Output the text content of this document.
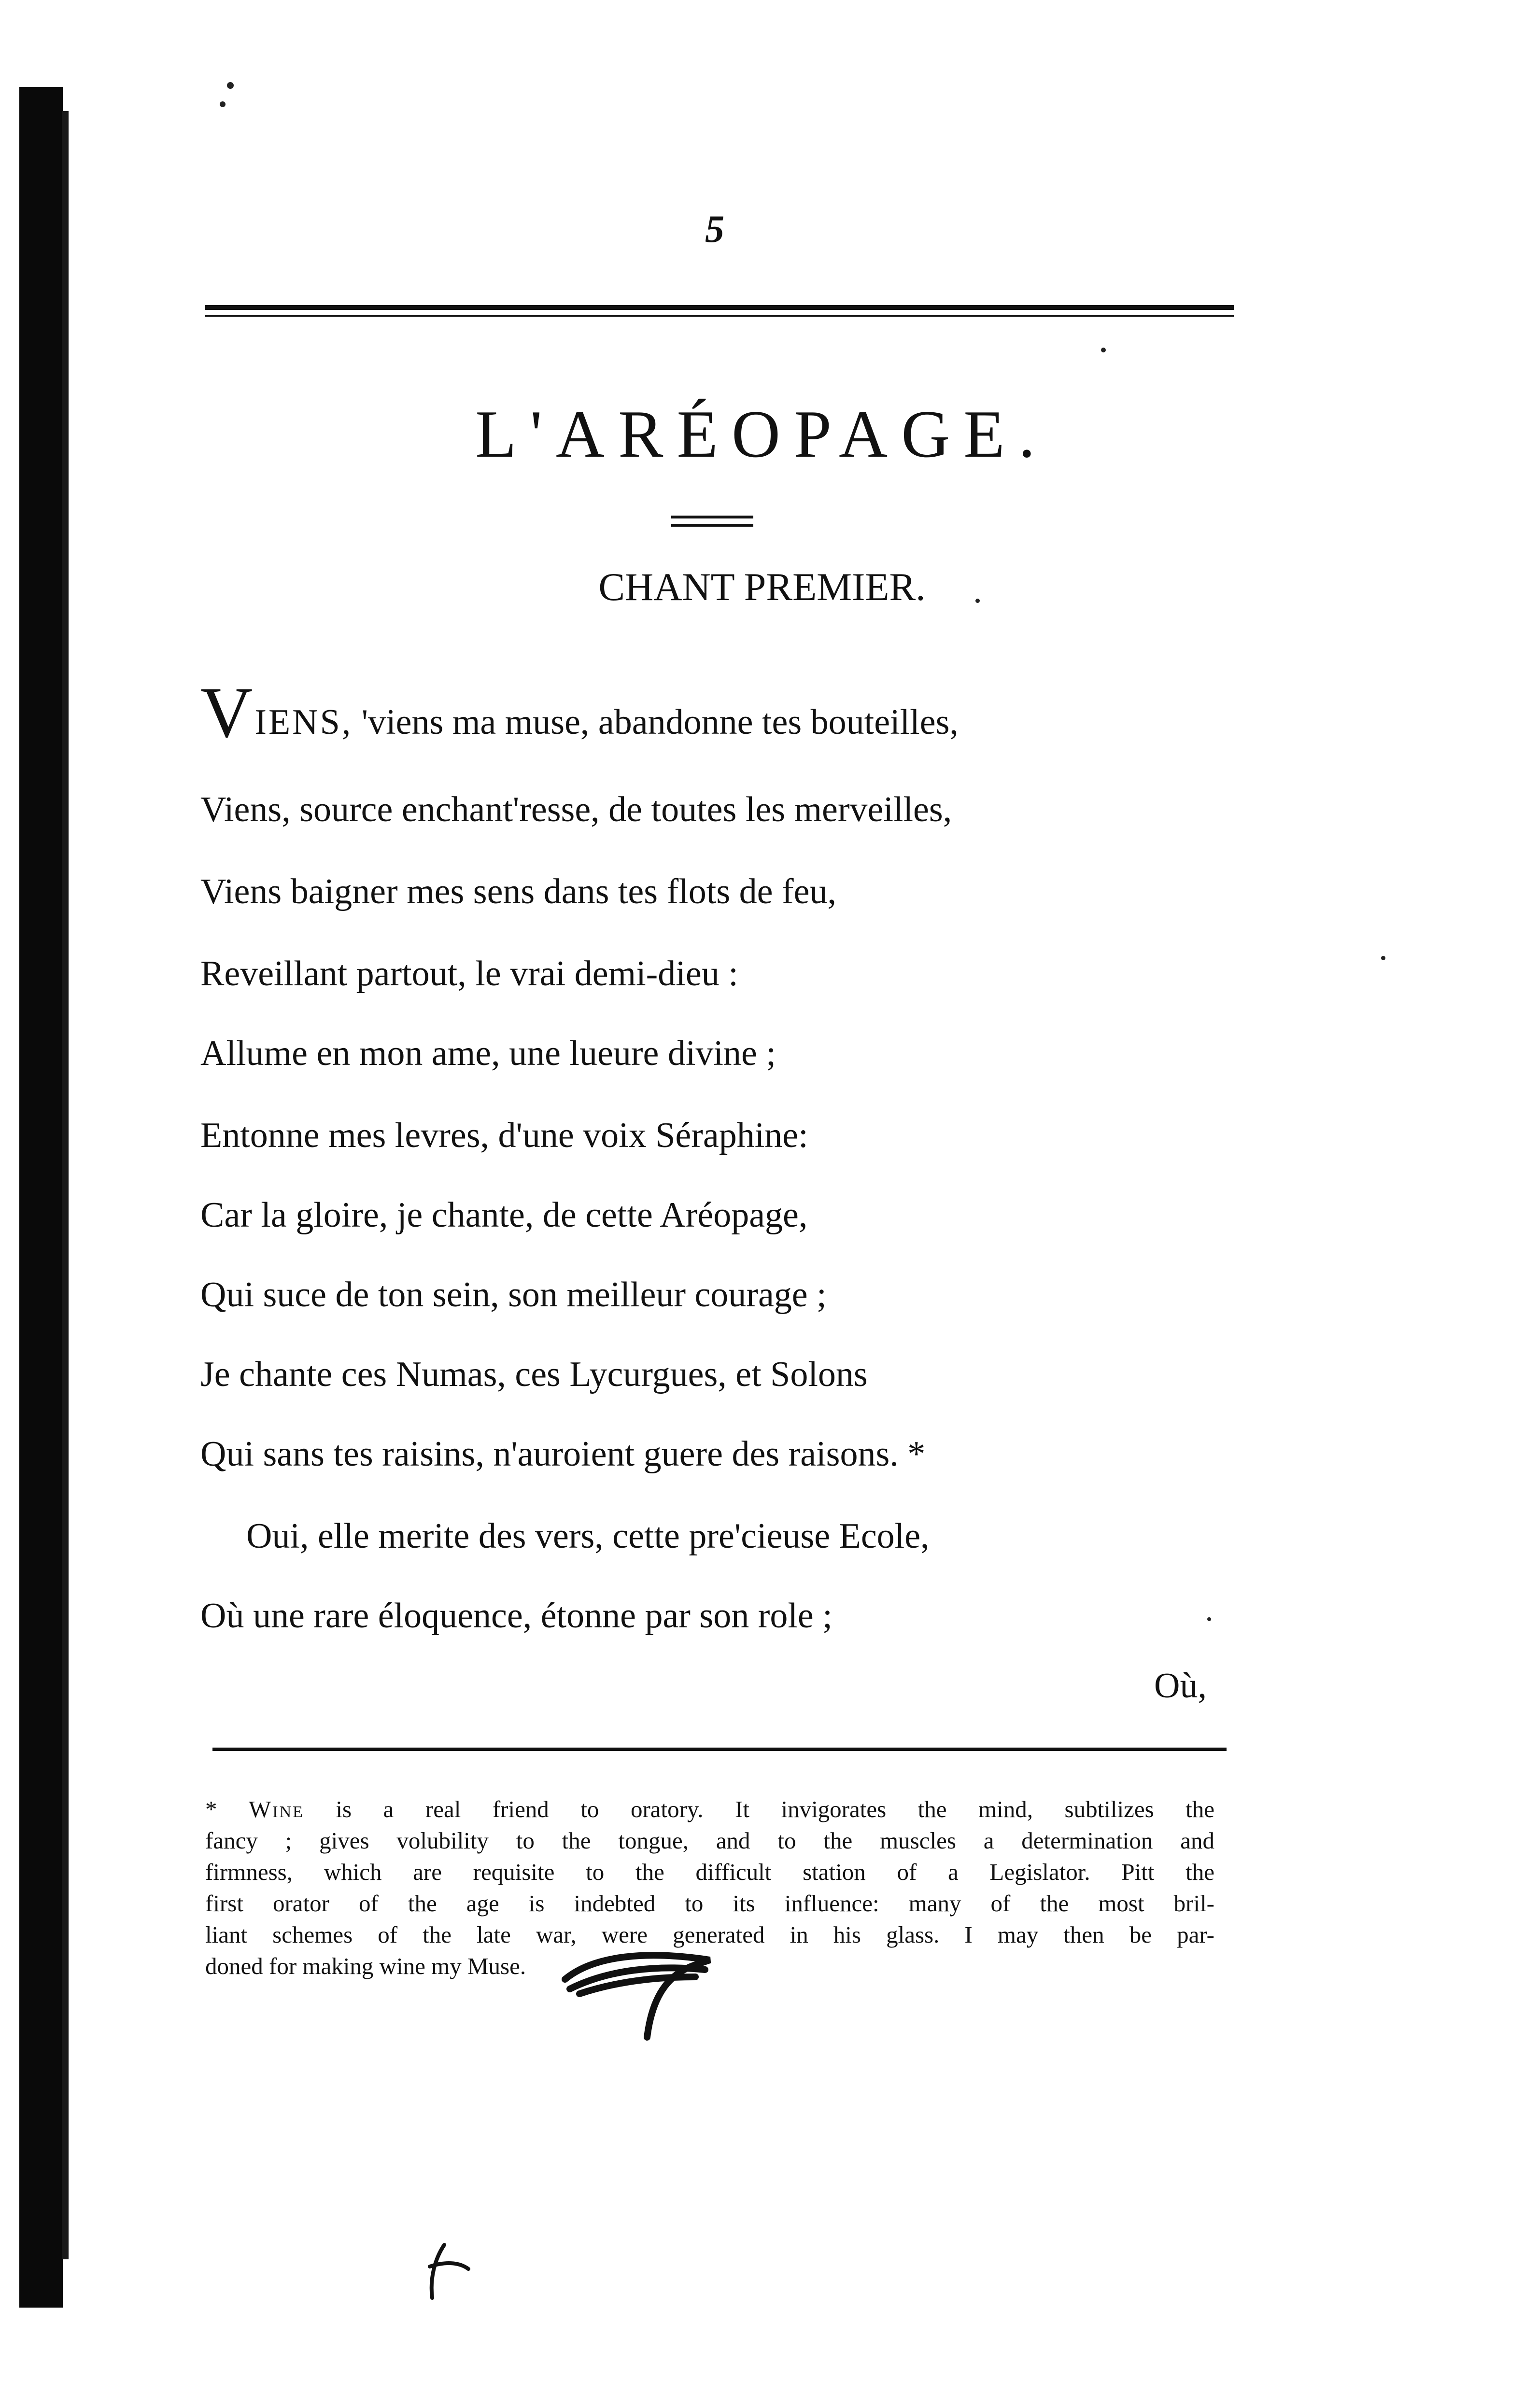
5
L'ARÉOPAGE.
CHANT PREMIER.
VIENS, 'viens ma muse, abandonne tes bouteilles,
Viens, source enchant'resse, de toutes les merveilles,
Viens baigner mes sens dans tes flots de feu,
Reveillant partout, le vrai demi-dieu :
Allume en mon ame, une lueure divine ;
Entonne mes levres, d'une voix Séraphine:
Car la gloire, je chante, de cette Aréopage,
Qui suce de ton sein, son meilleur courage ;
Je chante ces Numas, ces Lycurgues, et Solons
Qui sans tes raisins, n'auroient guere des raisons. *
Oui, elle merite des vers, cette pre'cieuse Ecole,
Où une rare éloquence, étonne par son role ;
Où,
* Wine is a real friend to oratory. It invigorates the mind, subtilizes the
fancy ; gives volubility to the tongue, and to the muscles a determination and
firmness, which are requisite to the difficult station of a Legislator. Pitt the
first orator of the age is indebted to its influence: many of the most bril-
liant schemes of the late war, were generated in his glass. I may then be par-
doned for making wine my Muse.
